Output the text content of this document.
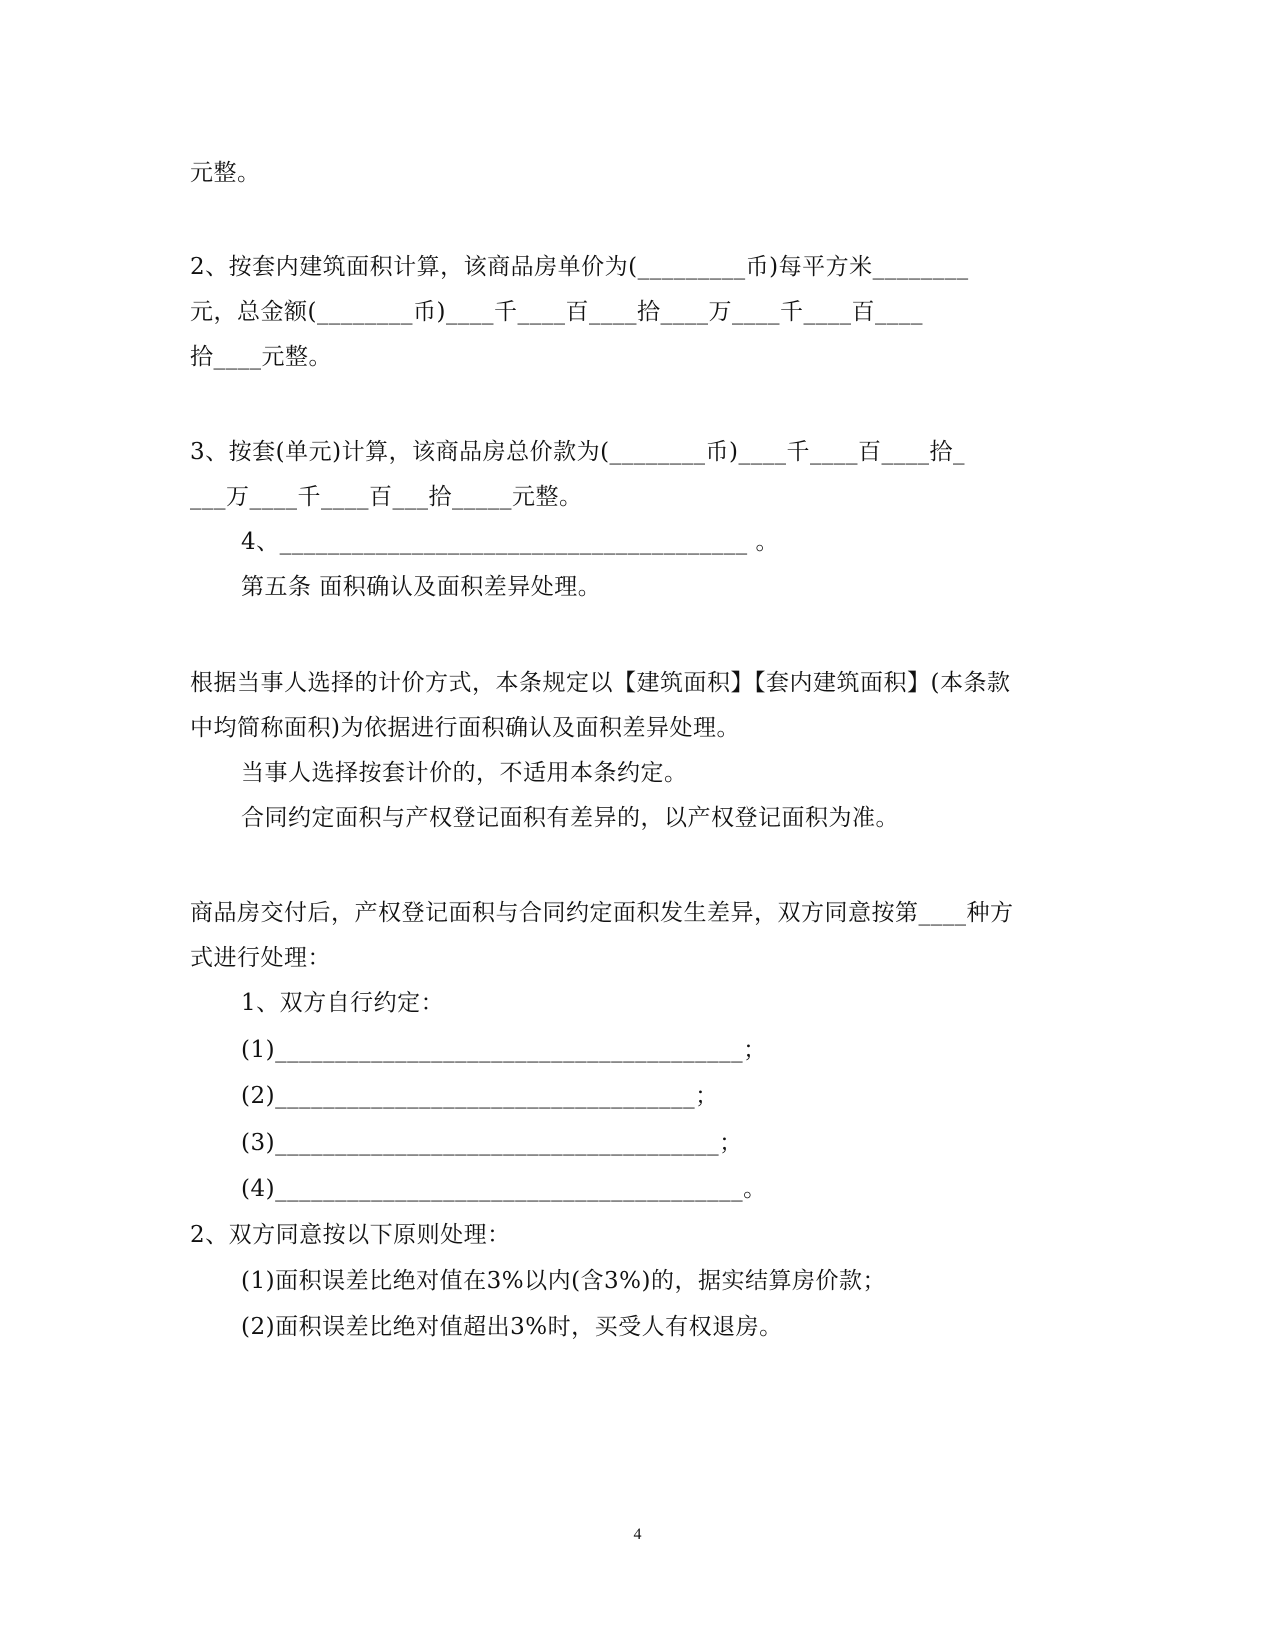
元整。
2、按套内建筑面积计算，该商品房单价为(_________币)每平方米________
元，总金额(________币)____千____百____拾____万____千____百____
拾____元整。
3、按套(单元)计算，该商品房总价款为(________币)____千____百____拾_
___万____千____百___拾_____元整。
4、_______________________________________ 。
第五条 面积确认及面积差异处理。
根据当事人选择的计价方式，本条规定以【建筑面积】【套内建筑面积】(本条款
中均简称面积)为依据进行面积确认及面积差异处理。
当事人选择按套计价的，不适用本条约定。
合同约定面积与产权登记面积有差异的，以产权登记面积为准。
商品房交付后，产权登记面积与合同约定面积发生差异，双方同意按第____种方
式进行处理：
1、双方自行约定：
(1)_______________________________________；
(2)___________________________________；
(3)_____________________________________；
(4)_______________________________________。
2、双方同意按以下原则处理：
(1)面积误差比绝对值在3%以内(含3%)的，据实结算房价款；
(2)面积误差比绝对值超出3%时，买受人有权退房。
4
